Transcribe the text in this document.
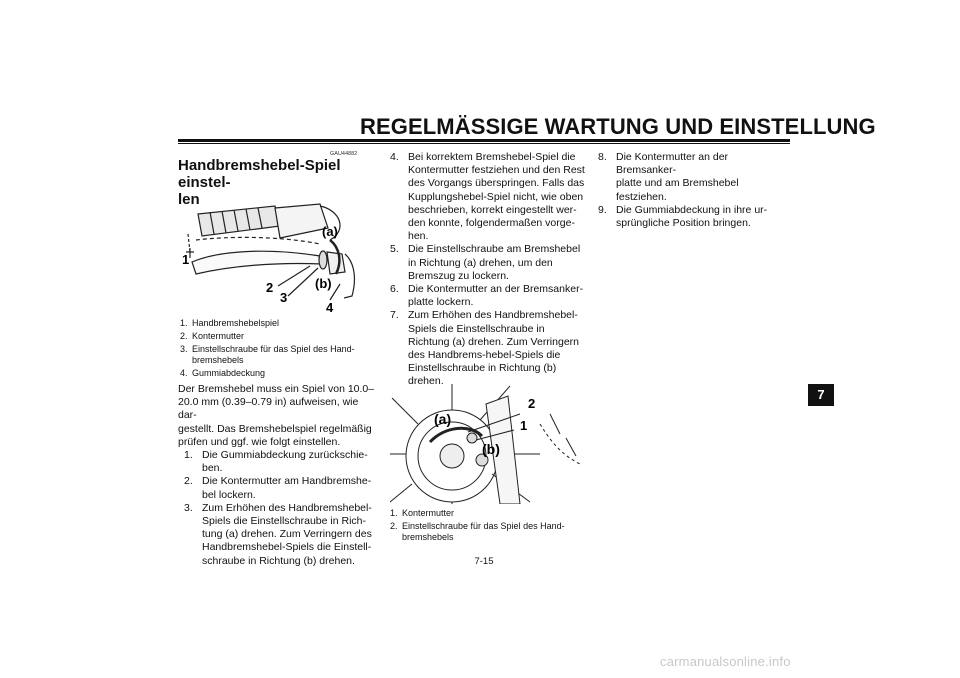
REGELMÄSSIGE WARTUNG UND EINSTELLUNG
GAU44882
Handbremshebel-Spiel einstel-
len
(a)
1
2
3
(b)
4
1. Handbremshebelspiel
2. Kontermutter
3. Einstellschraube für das Spiel des Hand-bremshebels
4. Gummiabdeckung
Der Bremshebel muss ein Spiel von 10.0–
20.0 mm (0.39–0.79 in) aufweisen, wie dar-
gestellt. Das Bremshebelspiel regelmäßig
prüfen und ggf. wie folgt einstellen.
1. Die Gummiabdeckung zurückschie-
ben.
2. Die Kontermutter am Handbremshe-
bel lockern.
3. Zum Erhöhen des Handbremshebel-
Spiels die Einstellschraube in Rich-
tung (a) drehen. Zum Verringern des
Handbremshebel-Spiels die Einstell-
schraube in Richtung (b) drehen.
4. Bei korrektem Bremshebel-Spiel die
Kontermutter festziehen und den Rest
des Vorgangs überspringen. Falls das
Kupplungshebel-Spiel nicht, wie oben
beschrieben, korrekt eingestellt wer-
den konnte, folgendermaßen vorge-
hen.
5. Die Einstellschraube am Bremshebel
in Richtung (a) drehen, um den
Bremszug zu lockern.
6. Die Kontermutter an der Bremsanker-
platte lockern.
7. Zum Erhöhen des Handbremshebel-
Spiels die Einstellschraube in
Richtung (a) drehen. Zum Verringern
des Handbrems-hebel-Spiels die
Einstellschraube in Richtung (b) drehen.
2
(a)	1
(b)
1. Kontermutter
2. Einstellschraube für das Spiel des Hand-bremshebels
8. Die Kontermutter an der Bremsanker-
platte und am Bremshebel festziehen.
9. Die Gummiabdeckung in ihre ur-
sprüngliche Position bringen.
7
7-15
carmanualsonline.info
